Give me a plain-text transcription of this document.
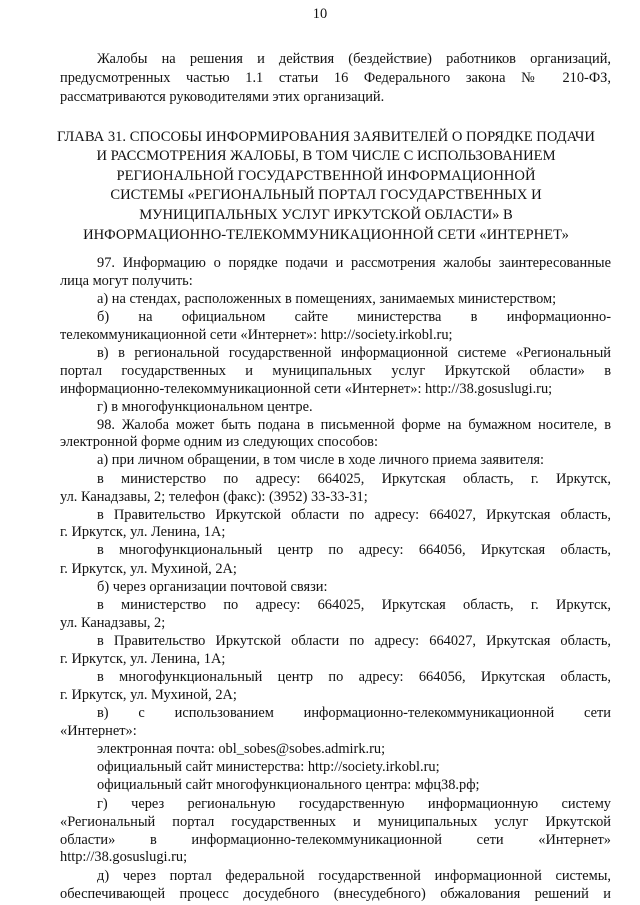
10
Жалобы на решения и действия (бездействие) работников организаций,
предусмотренных частью 1.1 статьи 16 Федерального закона № 210-ФЗ,
рассматриваются руководителями этих организаций.
ГЛАВА 31. СПОСОБЫ ИНФОРМИРОВАНИЯ ЗАЯВИТЕЛЕЙ О ПОРЯДКЕ ПОДАЧИ
И РАССМОТРЕНИЯ ЖАЛОБЫ, В ТОМ ЧИСЛЕ С ИСПОЛЬЗОВАНИЕМ
РЕГИОНАЛЬНОЙ ГОСУДАРСТВЕННОЙ ИНФОРМАЦИОННОЙ
СИСТЕМЫ «РЕГИОНАЛЬНЫЙ ПОРТАЛ ГОСУДАРСТВЕННЫХ И
МУНИЦИПАЛЬНЫХ УСЛУГ ИРКУТСКОЙ ОБЛАСТИ» В
ИНФОРМАЦИОННО-ТЕЛЕКОММУНИКАЦИОННОЙ СЕТИ «ИНТЕРНЕТ»
97. Информацию о порядке подачи и рассмотрения жалобы заинтересованные
лица могут получить:
а) на стендах, расположенных в помещениях, занимаемых министерством;
б) на официальном сайте министерства в информационно-
телекоммуникационной сети «Интернет»: http://society.irkobl.ru;
в) в региональной государственной информационной системе «Региональный
портал государственных и муниципальных услуг Иркутской области» в
информационно-телекоммуникационной сети «Интернет»: http://38.gosuslugi.ru;
г) в многофункциональном центре.
98. Жалоба может быть подана в письменной форме на бумажном носителе, в
электронной форме одним из следующих способов:
а) при личном обращении, в том числе в ходе личного приема заявителя:
в министерство по адресу: 664025, Иркутская область, г. Иркутск,
ул. Канадзавы, 2; телефон (факс): (3952) 33-33-31;
в Правительство Иркутской области по адресу: 664027, Иркутская область,
г. Иркутск, ул. Ленина, 1А;
в многофункциональный центр по адресу: 664056, Иркутская область,
г. Иркутск, ул. Мухиной, 2А;
б) через организации почтовой связи:
в министерство по адресу: 664025, Иркутская область, г. Иркутск,
ул. Канадзавы, 2;
в Правительство Иркутской области по адресу: 664027, Иркутская область,
г. Иркутск, ул. Ленина, 1А;
в многофункциональный центр по адресу: 664056, Иркутская область,
г. Иркутск, ул. Мухиной, 2А;
в) с использованием информационно-телекоммуникационной сети
«Интернет»:
электронная почта: obl_sobes@sobes.admirk.ru;
официальный сайт министерства: http://society.irkobl.ru;
официальный сайт многофункционального центра: мфц38.рф;
г) через региональную государственную информационную систему
«Региональный портал государственных и муниципальных услуг Иркутской
области» в информационно-телекоммуникационной сети «Интернет»
http://38.gosuslugi.ru;
д) через портал федеральной государственной информационной системы,
обеспечивающей процесс досудебного (внесудебного) обжалования решений и
